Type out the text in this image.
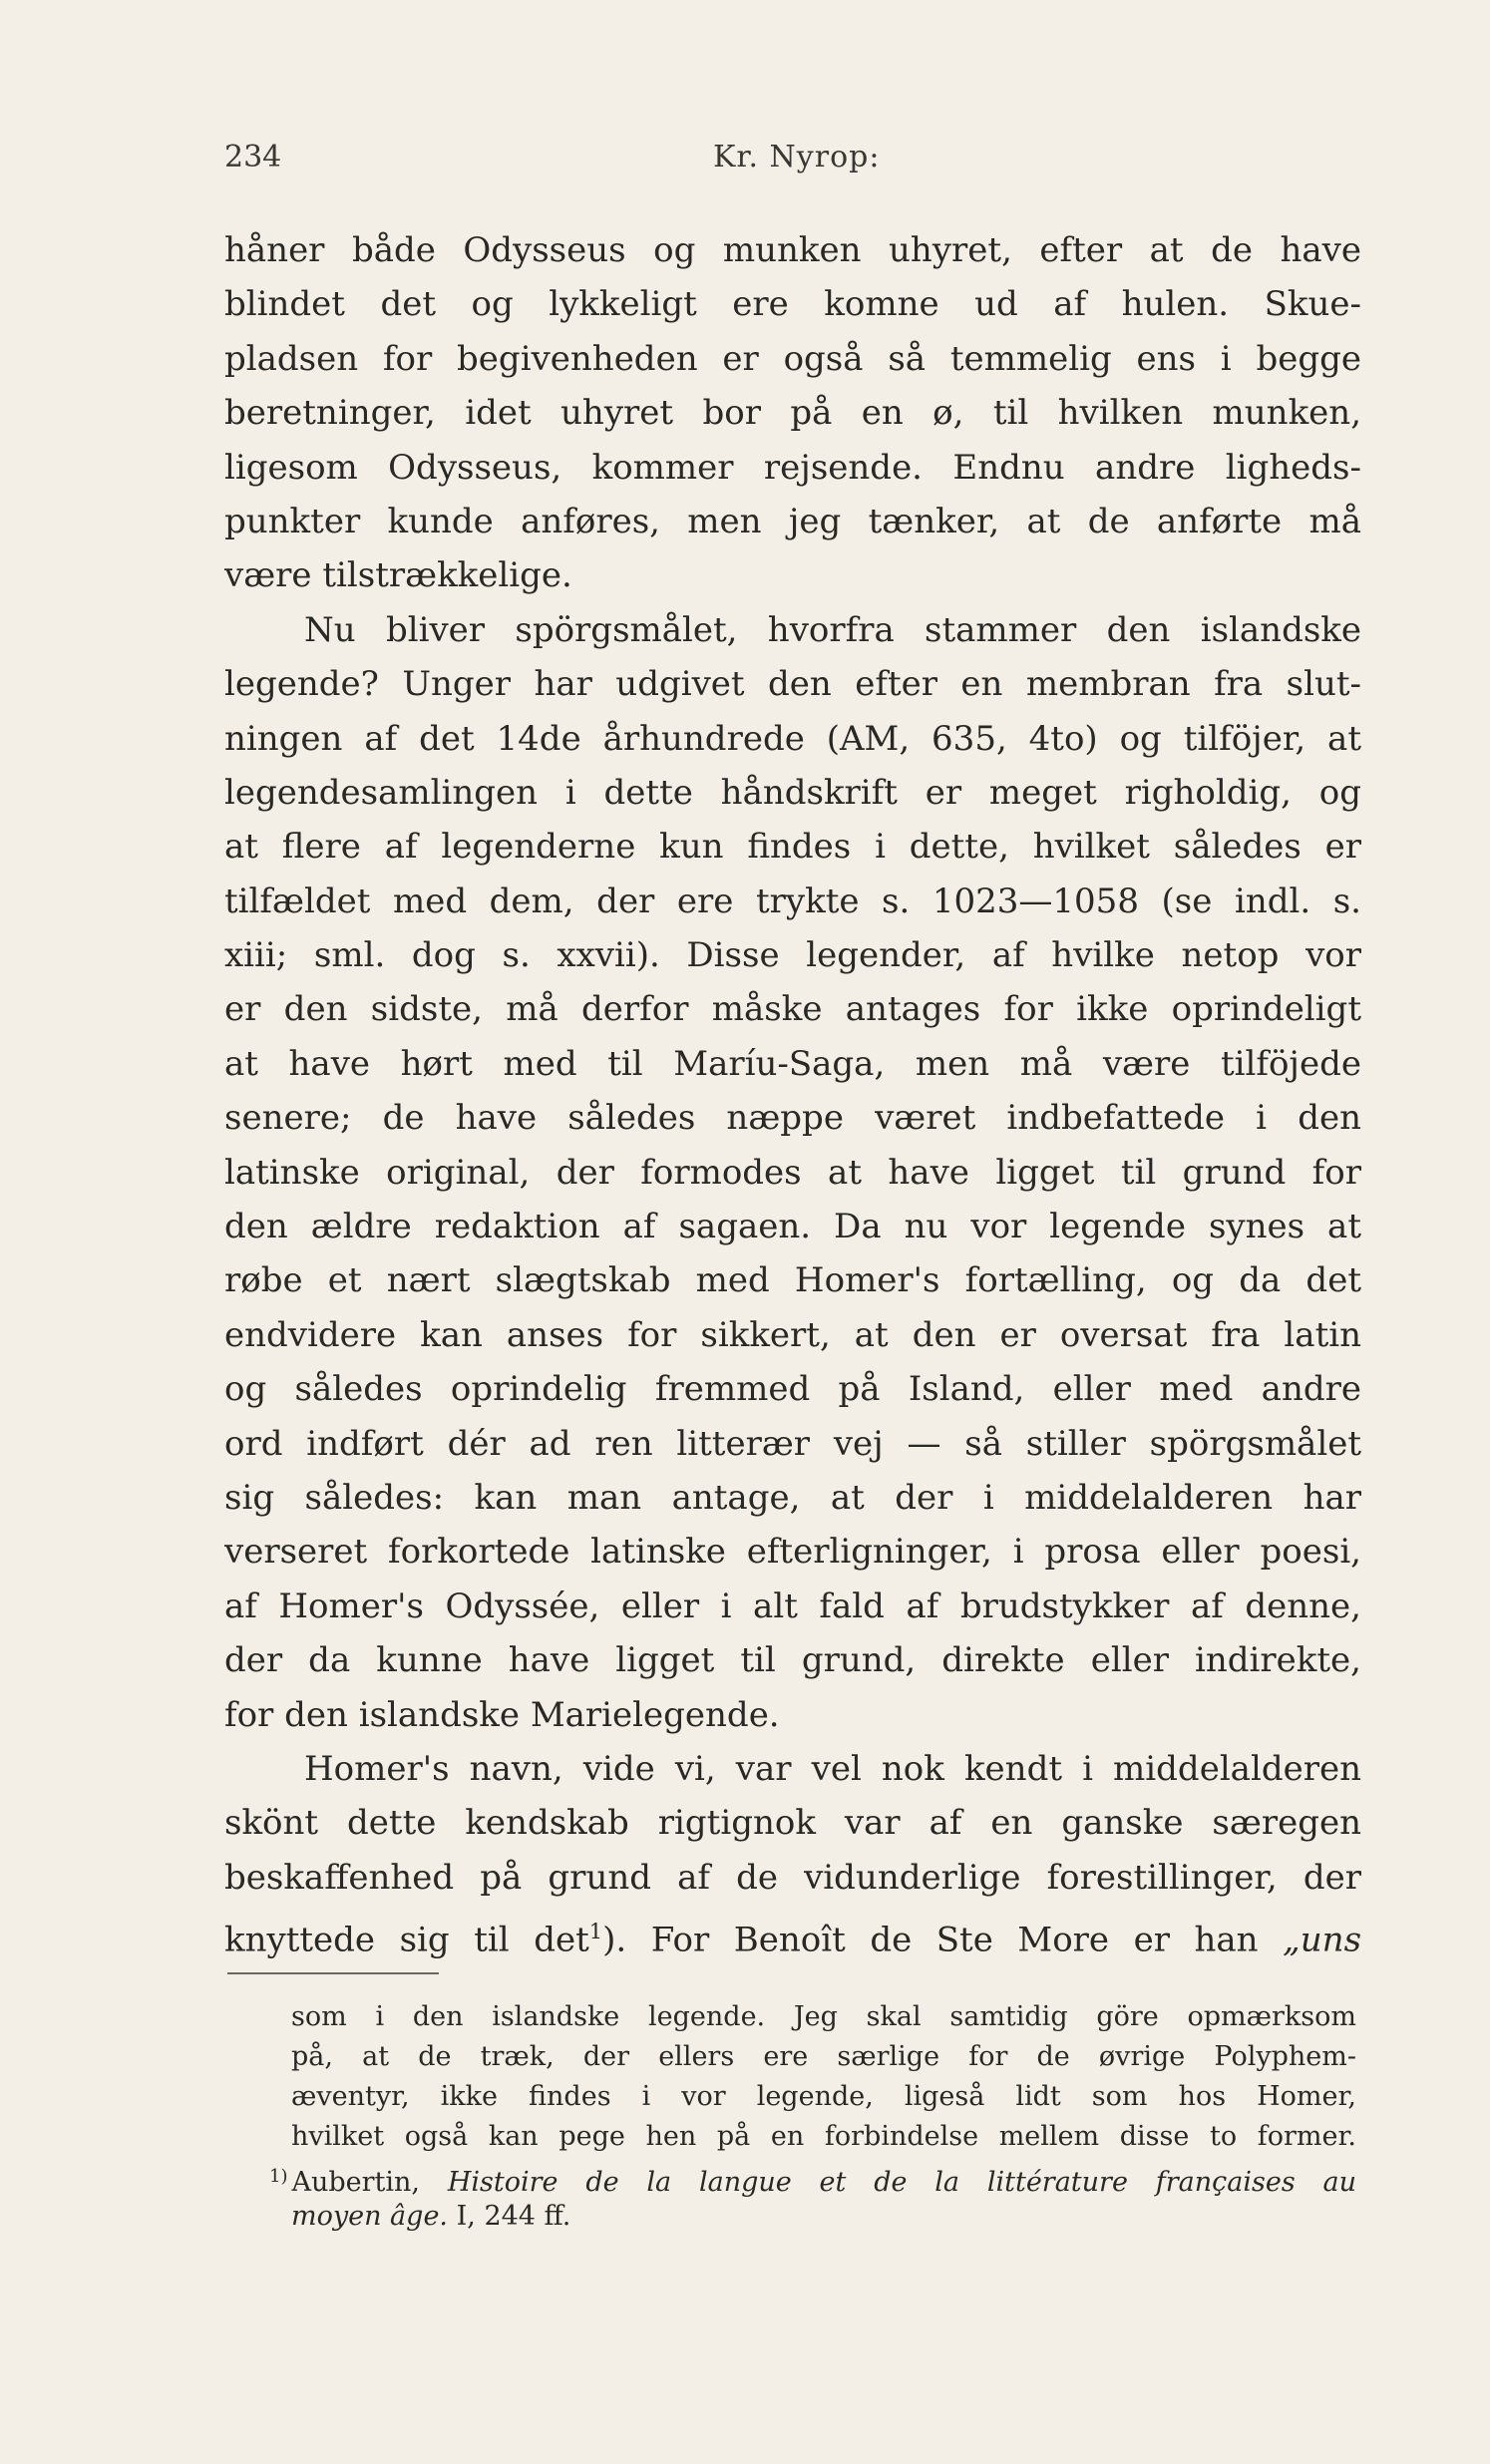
234	Kr. Nyrop:
håner både Odysseus og munken uhyret, efter at de have
blindet det og lykkeligt ere komne ud af hulen. Skue-
pladsen for begivenheden er også så temmelig ens i begge
beretninger, idet uhyret bor på en ø, til hvilken munken,
ligesom Odysseus, kommer rejsende. Endnu andre ligheds-
punkter kunde anføres, men jeg tænker, at de anførte må
være tilstrækkelige.
Nu bliver spörgsmålet, hvorfra stammer den islandske
legende? Unger har udgivet den efter en membran fra slut-
ningen af det 14de århundrede (AM, 635, 4to) og tilföjer, at
legendesamlingen i dette håndskrift er meget righoldig, og
at flere af legenderne kun findes i dette, hvilket således er
tilfældet med dem, der ere trykte s. 1023—1058 (se indl. s.
xiii; sml. dog s. xxvii). Disse legender, af hvilke netop vor
er den sidste, må derfor måske antages for ikke oprindeligt
at have hørt med til Maríu-Saga, men må være tilföjede
senere; de have således næppe været indbefattede i den
latinske original, der formodes at have ligget til grund for
den ældre redaktion af sagaen. Da nu vor legende synes at
røbe et nært slægtskab med Homer's fortælling, og da det
endvidere kan anses for sikkert, at den er oversat fra latin
og således oprindelig fremmed på Island, eller med andre
ord indført dér ad ren litterær vej — så stiller spörgsmålet
sig således: kan man antage, at der i middelalderen har
verseret forkortede latinske efterligninger, i prosa eller poesi,
af Homer's Odyssée, eller i alt fald af brudstykker af denne,
der da kunne have ligget til grund, direkte eller indirekte,
for den islandske Marielegende.
Homer's navn, vide vi, var vel nok kendt i middelalderen
skönt dette kendskab rigtignok var af en ganske særegen
beskaffenhed på grund af de vidunderlige forestillinger, der
knyttede sig til $\det^1$). For Benoît de Ste More er han „uns
som i den islandske legende. Jeg skal samtidig göre opmærksom
på, at de træk, der ellers ere særlige for de øvrige Polyphem-
æventyr, ikke findes i vor legende, ligeså lidt som hos Homer,
hvilket også kan pege hen på en forbindelse mellem disse to former.
$^{1)}$ Aubertin, Histoire de la langue et de la littérature françaises au
moyen âge. I, 244 ff.
